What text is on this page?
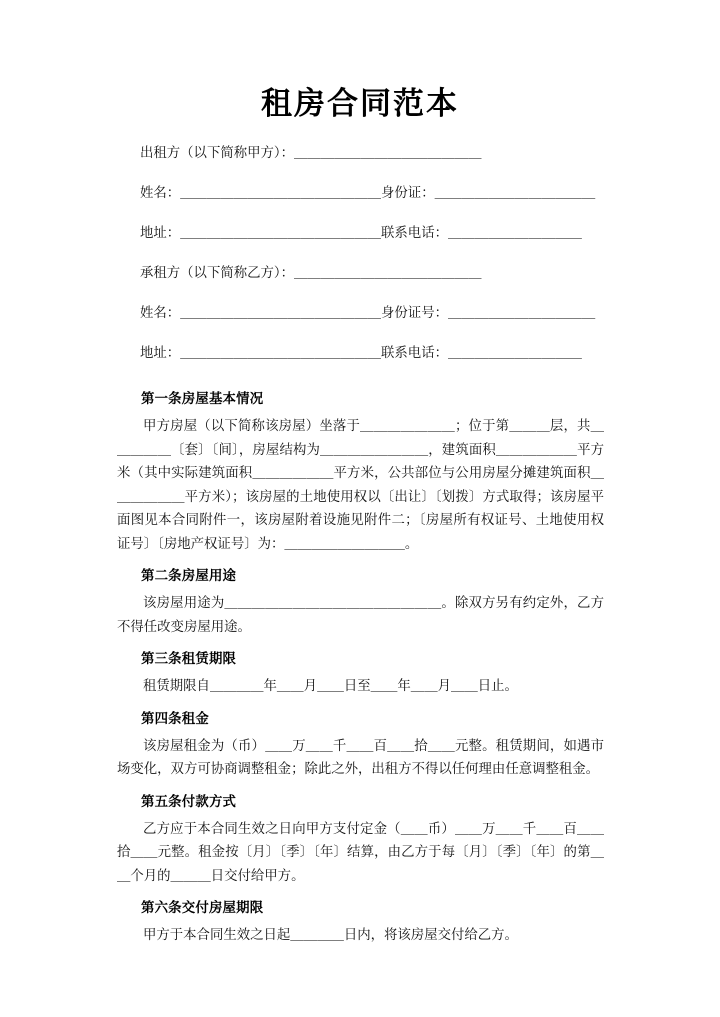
租房合同范本
出租方（以下简称甲方）：＿＿＿＿＿＿＿＿＿＿＿＿＿＿
姓名：＿＿＿＿＿＿＿＿＿＿＿＿＿＿＿身份证：＿＿＿＿＿＿＿＿＿＿＿＿
地址：＿＿＿＿＿＿＿＿＿＿＿＿＿＿＿联系电话：＿＿＿＿＿＿＿＿＿＿
承租方（以下简称乙方）：＿＿＿＿＿＿＿＿＿＿＿＿＿＿
姓名：＿＿＿＿＿＿＿＿＿＿＿＿＿＿＿身份证号：＿＿＿＿＿＿＿＿＿＿＿
地址：＿＿＿＿＿＿＿＿＿＿＿＿＿＿＿联系电话：＿＿＿＿＿＿＿＿＿＿
第一条房屋基本情况
甲方房屋（以下简称该房屋）坐落于＿＿＿＿＿＿＿；位于第＿＿＿层，共＿＿＿＿＿〔套〕〔间〕，房屋结构为＿＿＿＿＿＿＿＿，建筑面积＿＿＿＿＿＿平方米（其中实际建筑面积＿＿＿＿＿＿平方米，公共部位与公用房屋分摊建筑面积＿＿＿＿＿＿平方米）；该房屋的土地使用权以〔出让〕〔划拨〕方式取得；该房屋平面图见本合同附件一，该房屋附着设施见附件二；〔房屋所有权证号、土地使用权证号〕〔房地产权证号〕为：＿＿＿＿＿＿＿＿＿。
第二条房屋用途
该房屋用途为＿＿＿＿＿＿＿＿＿＿＿＿＿＿＿＿。除双方另有约定外，乙方不得任改变房屋用途。
第三条租赁期限
租赁期限自＿＿＿＿年＿＿月＿＿日至＿＿年＿＿月＿＿日止。
第四条租金
该房屋租金为（币）＿＿万＿＿千＿＿百＿＿拾＿＿元整。租赁期间，如遇市场变化，双方可协商调整租金；除此之外，出租方不得以任何理由任意调整租金。
第五条付款方式
乙方应于本合同生效之日向甲方支付定金（＿＿币）＿＿万＿＿千＿＿百＿＿拾＿＿元整。租金按〔月〕〔季〕〔年〕结算，由乙方于每〔月〕〔季〕〔年〕的第＿＿个月的＿＿＿日交付给甲方。
第六条交付房屋期限
甲方于本合同生效之日起＿＿＿＿日内，将该房屋交付给乙方。
